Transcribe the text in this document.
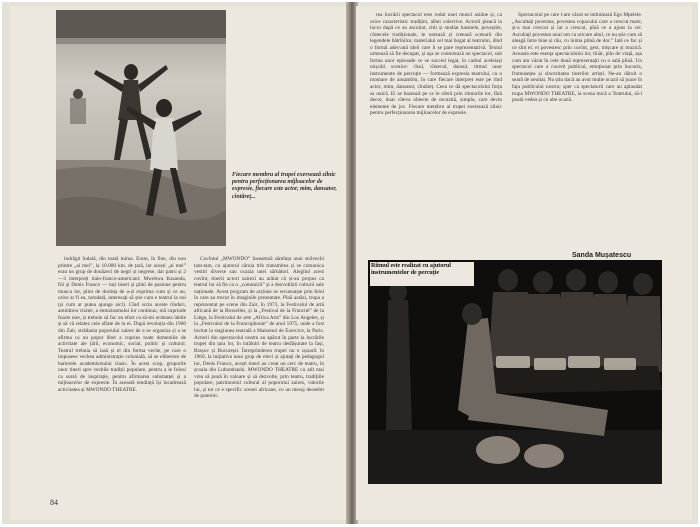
Fiecare membru al trupei exersează zilnic pentru perfecționarea mijloacelor de expresie, fiecare este actor, mim, dansator, cîntăreț...

indrăgit îndată, din toată inima. Eram, în fine, din nou printre „ai mei”, la 10.000 km. de țară, iar acești „ai mei” erau un grup de douăzeci de negri și negrese, dar patru și 2—3 interpreți italo-franco-americani: Mwebwa Kasanda, fiii și Denis Franco — toți tineri și plini de pasiune pentru munca lor, plini de dorința de a-și exprima cum și ce au, orice ar fi ea, totodată, interesați să știe cum e teatrul la noi (și cum ar putea ajunge aici). Cînd scriu aceste rînduri, amintirea vizitei, a entuziasmului lor continuu, mă cuprinde foarte tare, și trebuie să fac un efort ca să-mi ordonez ideile și să vă relatez cele aflate de la ei. După revoluția din 1960 din Zair, strădania poporului zairez de a se organiza și a se afirma ca un popor liber a cuprins toate domeniile de activitate ale țării, economic, social, politic și cultural. Teatrul trebuia să iasă și el din forma veche, pe care o impusese vechea administrație colonială, să se elibereze de barierele academismului clasic. În acest scop, grupurile unor tineri spre vechile tradiții populare, pentru a le folosi ca sursă de inspirație, pentru afirmarea substanței și a mijloacelor de expresie. În această tendință își încadrează activitatea și MWONDO THEATRE.

Cuvîntul „MWONDO” înseamnă sămînța unui străvechi tam-tam, cu ajutorul căruia trib transmitea și se comunica vestiri diverse sau ocazia unei sărbători. Alegînd acest cuvînt, tinerii actori zairezi au arătat că și-au propus ca teatrul lor să fie ca o „comunică” și a dezvoltării culturii sale naționale. Acest program de acțiune se recunoaște prin felul în care au trecut în imaginile prezentate. Pînă astăzi, trupa a reprezentat pe scene din Zair, în 1973, la Festivalul de artă africană de la Bruxelles, și la „Festival de la Francité” de la Liège, la Festivalul de arte „Africa Arts” din Los Angeles, și la „Festivalul de la Francophonie” de anul 1975, unde a fost invitat la stagiunea teatrală a Maisonul de Exercice, la Paris. Actorii din spectacolul nostru au apărut în parte la lucrările trupei din țara lor, în intâlniri de teatru desfășurate la Iași, Brașov și București. Întreprinderea trupei nu e ușoară: în 1960, la inițiativa unui grup de elevi și ajutați de pedagogul lor, Denis Franco, acești tineri au creat un cerc de teatru, în școala din Lubumbashi. MWONDO THEATRE cu atît mai vrea să pună în valoare și să dezvolte, prin teatru, tradițiile populare, patrimoniul cultural al poporului zairez, valorile lui, și tot ce e specific scenei africane, cu un mesaj deosebit de puternic.

84

rea lucrării spectacol este rodul unei munci asidue și, ca orice caracteristic tradiției, albei colective. Actorii pleacă la lucru după ce au ascultat, citit și studiat basmele, poveștile, cîntecele tradiționale, le notează și creează scenarii din legendele bătrînilor, materialul cel mai bogat al teatrului, dînd o formă adecvată ideii care li se pare reprezentativă. Textul urmează să fie decupat, și așa se conturează un spectacol, sub forma unor episoade ce se succed legat, în cadrul aceleiași mișcări scenice: rîsul, cîntecul, dansul, ritmul unor instrumente de percuție — formează expresia teatrului, cu o montare de ansamblu, în care fiecare interpret este pe rînd actor, mim, dansator, cîntăreț. Ceea ce dă spectacolului forța sa unică. Ei se bazează pe ce le oferă prin ritmurile lor, fără decor, doar cîteva obiecte de recuzită, simplu, care devin elemente de joc. Fiecare membru al trupei exersează zilnic pentru perfecționarea mijloacelor de expresie.

Spectacolul pe care l-am văzut se intitulează Ego Mpelele. „Ascultați povestea, povestea copacului care a crescut mare, și-a mai crescut și iar a crescut, pînă ce a ajuns la cer. Ascultați povestea unui om ca oricare altul, ce nu știe cum să aleagă între bine și rău, cu inima plină de dor.” Iată ce fac și ce sînt ei: ei povestesc prin cuvînt, gest, mișcare și muzică. Aceasta este esența spectacolului lor, tînăr, plin de viață, așa cum am văzut în cele două reprezentații cu o sală plină. Un spectacol care a cucerit publicul, emoționat prin bucuria, frumusețea și sinceritatea tinerilor artiști. Ne-au dăruit o seară de neuitat. Nu știu dacă au avut multe ocazii să joace în fața publicului nostru; sper ca spectatorii care au aplaudat trupa MWONDO THEATRE, la scena mică a Teatrului, să-l poată vedea și cu alte ocazii.

Sanda Mușatescu
Ritmul este realizat cu ajutorul instrumentelor de percuție
